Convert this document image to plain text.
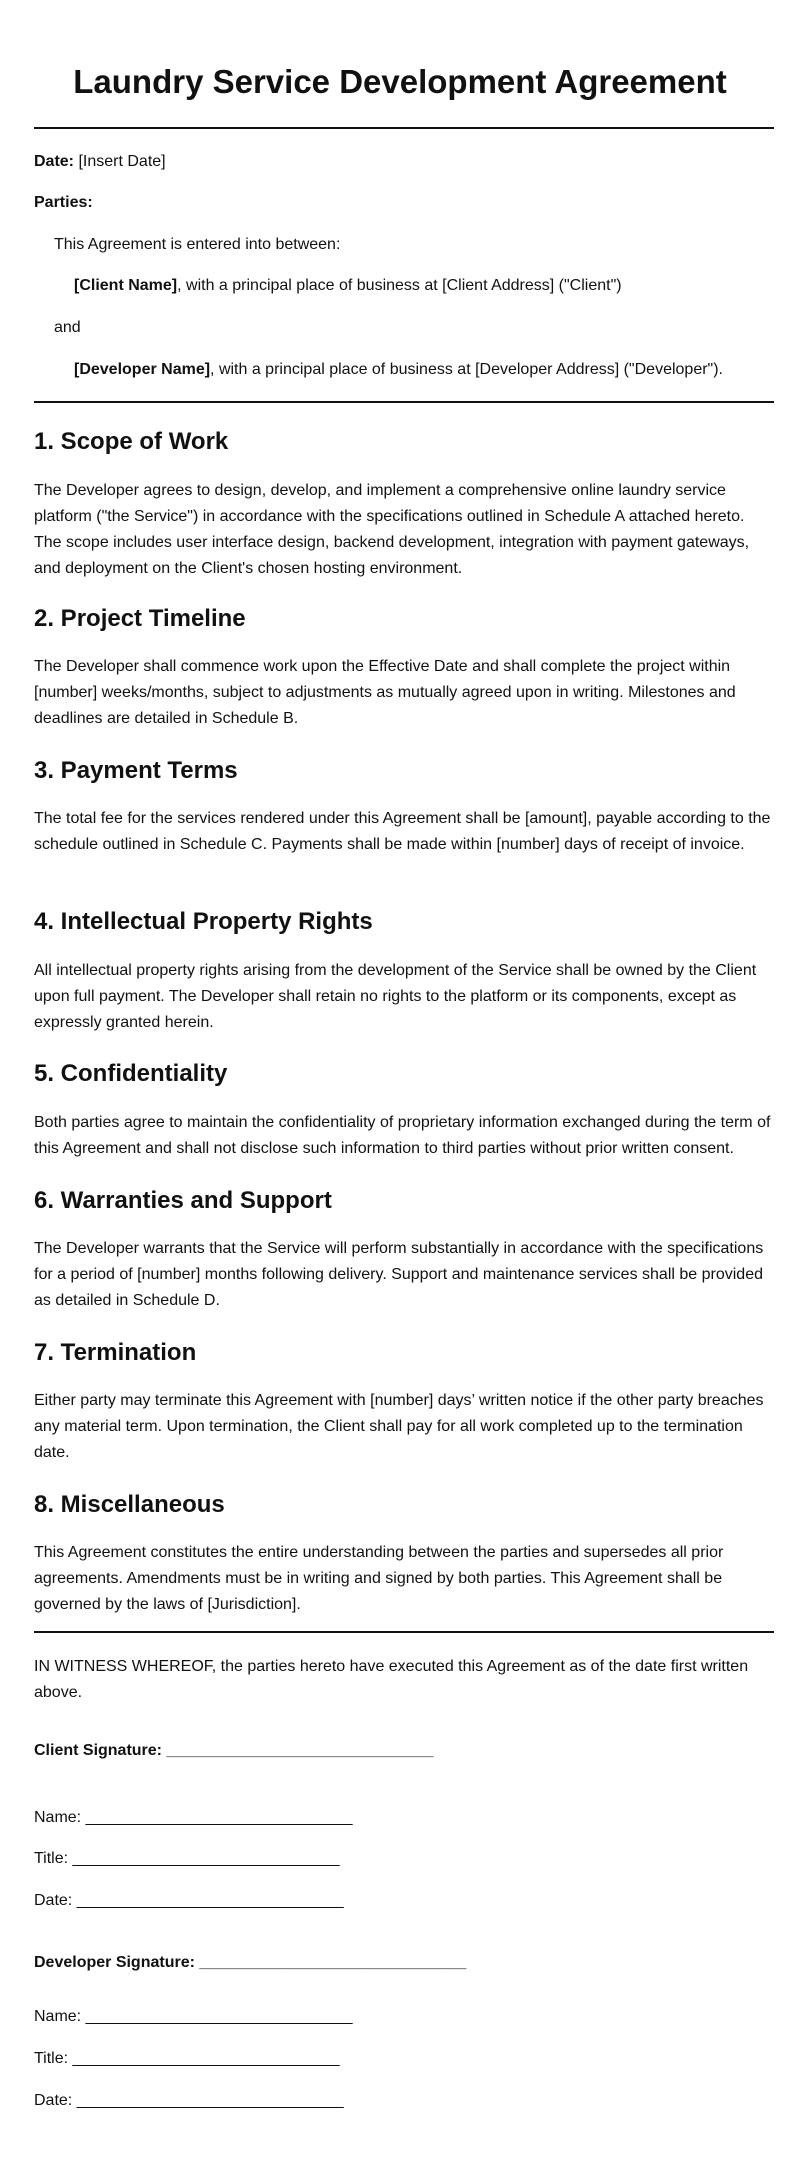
Laundry Service Development Agreement
Date: [Insert Date]
Parties:
This Agreement is entered into between:
[Client Name], with a principal place of business at [Client Address] ("Client")
and
[Developer Name], with a principal place of business at [Developer Address] ("Developer").
1. Scope of Work
The Developer agrees to design, develop, and implement a comprehensive online laundry service platform ("the Service") in accordance with the specifications outlined in Schedule A attached hereto. The scope includes user interface design, backend development, integration with payment gateways, and deployment on the Client's chosen hosting environment.
2. Project Timeline
The Developer shall commence work upon the Effective Date and shall complete the project within [number] weeks/months, subject to adjustments as mutually agreed upon in writing. Milestones and deadlines are detailed in Schedule B.
3. Payment Terms
The total fee for the services rendered under this Agreement shall be [amount], payable according to the schedule outlined in Schedule C. Payments shall be made within [number] days of receipt of invoice.
4. Intellectual Property Rights
All intellectual property rights arising from the development of the Service shall be owned by the Client upon full payment. The Developer shall retain no rights to the platform or its components, except as expressly granted herein.
5. Confidentiality
Both parties agree to maintain the confidentiality of proprietary information exchanged during the term of this Agreement and shall not disclose such information to third parties without prior written consent.
6. Warranties and Support
The Developer warrants that the Service will perform substantially in accordance with the specifications for a period of [number] months following delivery. Support and maintenance services shall be provided as detailed in Schedule D.
7. Termination
Either party may terminate this Agreement with [number] days’ written notice if the other party breaches any material term. Upon termination, the Client shall pay for all work completed up to the termination date.
8. Miscellaneous
This Agreement constitutes the entire understanding between the parties and supersedes all prior agreements. Amendments must be in writing and signed by both parties. This Agreement shall be governed by the laws of [Jurisdiction].
IN WITNESS WHEREOF, the parties hereto have executed this Agreement as of the date first written above.
Client Signature: ______________________________
Name: ______________________________
Title: ______________________________
Date: ______________________________
Developer Signature: ______________________________
Name: ______________________________
Title: ______________________________
Date: ______________________________
